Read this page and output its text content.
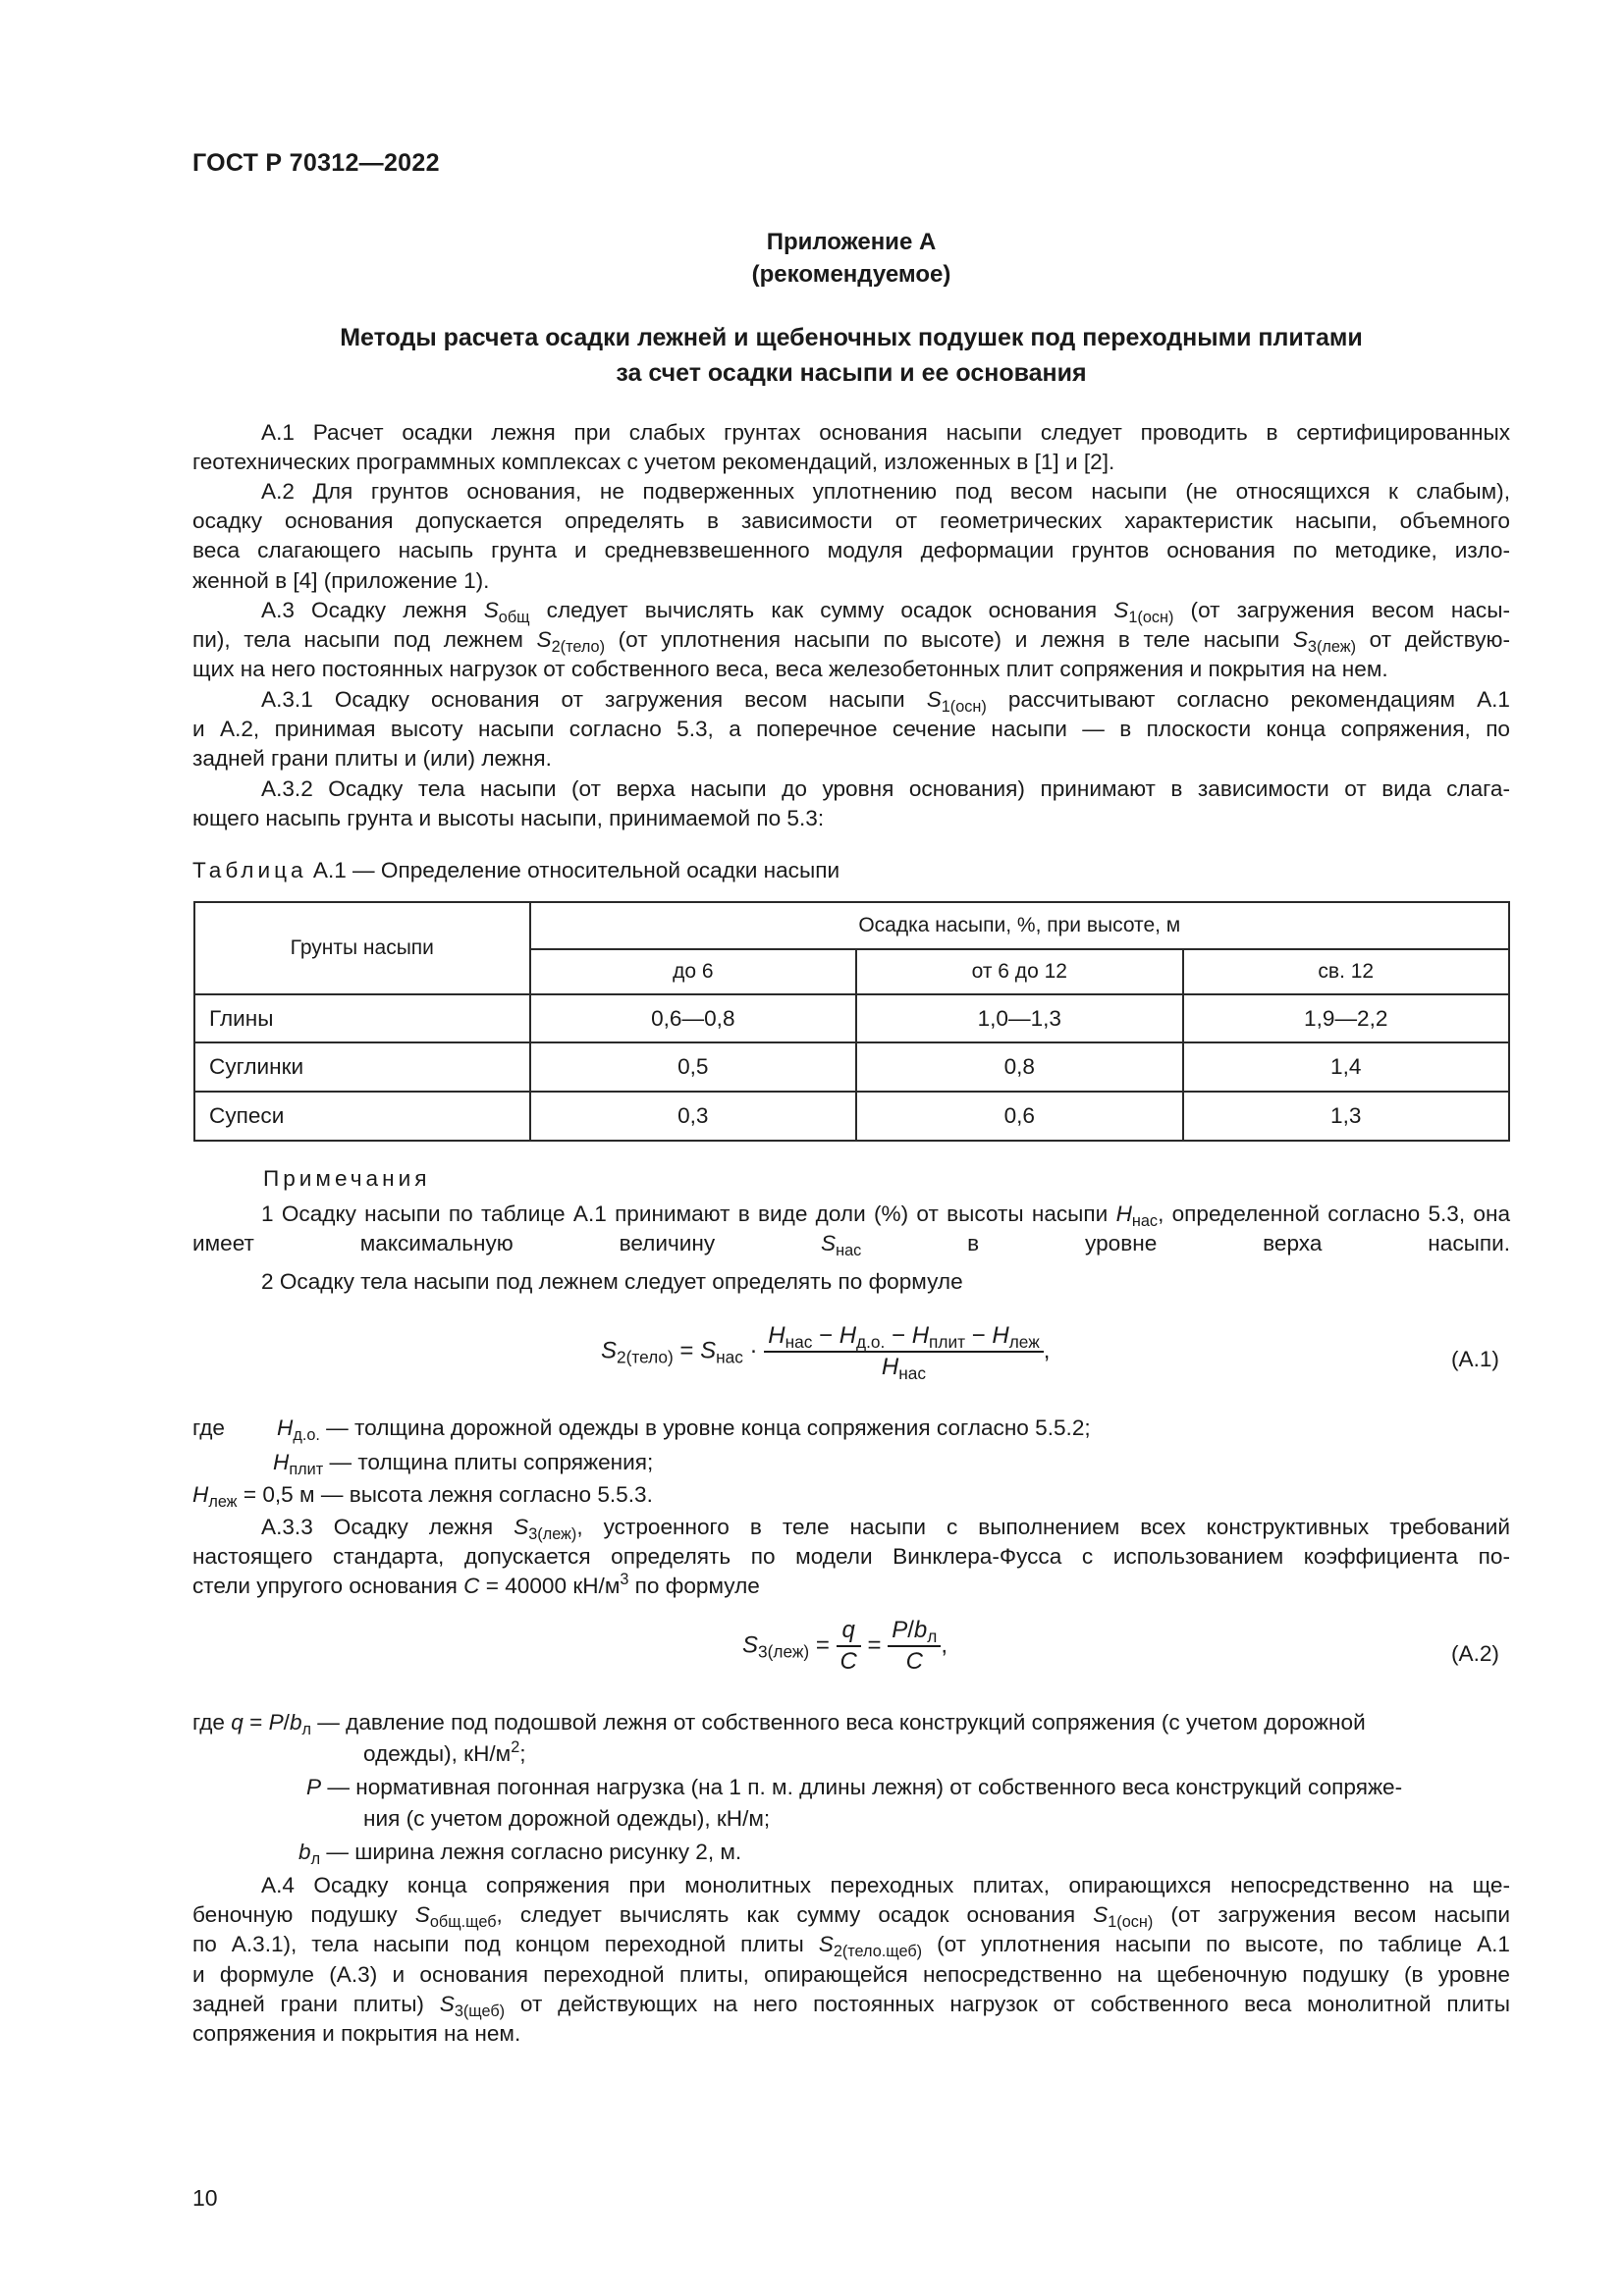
ГОСТ Р 70312—2022
Приложение А
(рекомендуемое)
Методы расчета осадки лежней и щебеночных подушек под переходными плитами
за счет осадки насыпи и ее основания

А.1 Расчет осадки лежня при слабых грунтах основания насыпи следует проводить в сертифицированных
геотехнических программных комплексах с учетом рекомендаций, изложенных в [1] и [2].

А.2 Для грунтов основания, не подверженных уплотнению под весом насыпи (не относящихся к слабым),
осадку основания допускается определять в зависимости от геометрических характеристик насыпи, объемного
веса слагающего насыпь грунта и средневзвешенного модуля деформации грунтов основания по методике, изло-
женной в [4] (приложение 1).

А.3 Осадку лежня $S_{общ}$ следует вычислять как сумму осадок основания $S_{1(осн)}$ (от загружения весом насы-
пи), тела насыпи под лежнем $S_{2(тело)}$ (от уплотнения насыпи по высоте) и лежня в теле насыпи $S_{3(леж)}$ от действую-
щих на него постоянных нагрузок от собственного веса, веса железобетонных плит сопряжения и покрытия на нем.

А.3.1 Осадку основания от загружения весом насыпи $S_{1(осн)}$ рассчитывают согласно рекомендациям А.1
и А.2, принимая высоту насыпи согласно 5.3, а поперечное сечение насыпи — в плоскости конца сопряжения, по
задней грани плиты и (или) лежня.

А.3.2 Осадку тела насыпи (от верха насыпи до уровня основания) принимают в зависимости от вида слага-
ющего насыпь грунта и высоты насыпи, принимаемой по 5.3:

Таблица А.1 — Определение относительной осадки насыпи
Грунты насыпи	Осадка насыпи, %, при высоте, м		
	до 6	от 6 до 12	св. 12
Глины	0,6—0,8	1,0—1,3	1,9—2,2
Суглинки	0,5	0,8	1,4
Супеси	0,3	0,6	1,3
Примечания

1 Осадку насыпи по таблице А.1 принимают в виде доли (%) от высоты насыпи $H_{нас}$, определенной согласно 5.3, она имеет максимальную величину $S_{нас}$ в уровне верха насыпи.

2 Осадку тела насыпи под лежнем следует определять по формуле

$S_{2(тело)} = S_{нас} \cdot \frac{H_{нас} - H_{д.о.} - H_{плит} - H_{леж}}{H_{нас}}$ ,	(А.1)
где $H_{д.о.}$ — толщина дорожной одежды в уровне конца сопряжения согласно 5.5.2;
$H_{плит}$ — толщина плиты сопряжения;
$H_{леж} = 0,5$ м — высота лежня согласно 5.5.3.

А.3.3 Осадку лежня $S_{3(леж)}$, устроенного в теле насыпи с выполнением всех конструктивных требований
настоящего стандарта, допускается определять по модели Винклера-Фусса с использованием коэффициента по-
стели упругого основания C = 40000 $кН/м^3$ по формуле

$S_{3(леж)} = \frac{q}{C} = \frac{P/b_л}{C}$ ,	(А.2)
где $q = P/b_л$ — давление под подошвой лежня от собственного веса конструкций сопряжения (с учетом дорожной
одежды), $кН/м^2$;
P — нормативная погонная нагрузка (на 1 п. м. длины лежня) от собственного веса конструкций сопряже-
ния (с учетом дорожной одежды), кН/м;
$b_л$ — ширина лежня согласно рисунку 2, м.

А.4 Осадку конца сопряжения при монолитных переходных плитах, опирающихся непосредственно на ще-
беночную подушку $S_{общ.щеб}$, следует вычислять как сумму осадок основания $S_{1(осн)}$ (от загружения весом насыпи
по А.3.1), тела насыпи под концом переходной плиты $S_{2(тело.щеб)}$ (от уплотнения насыпи по высоте, по таблице А.1
и формуле (А.3) и основания переходной плиты, опирающейся непосредственно на щебеночную подушку (в уровне
задней грани плиты) $S_{3(щеб)}$ от действующих на него постоянных нагрузок от собственного веса монолитной плиты
сопряжения и покрытия на нем.

10
